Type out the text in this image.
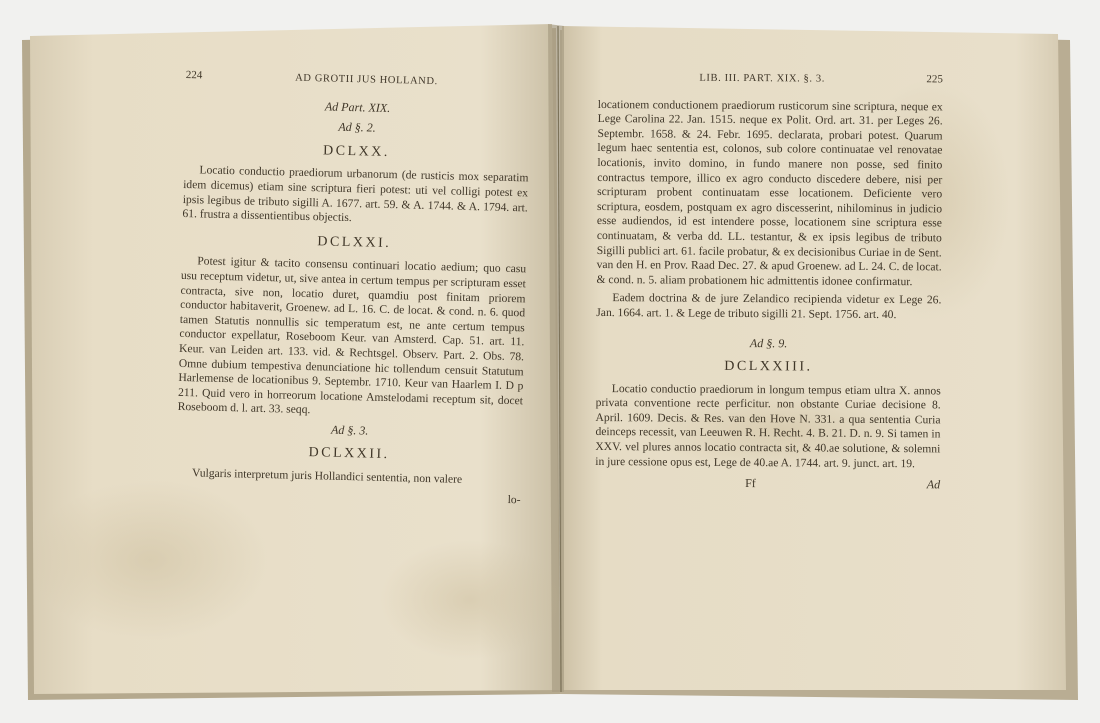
224	AD GROTII JUS HOLLAND.
Ad Part. XIX.
Ad §. 2.
DCLXX.

Locatio conductio praediorum urbanorum (de rusticis mox separatim idem dicemus) etiam sine scriptura fieri potest: uti vel colligi potest ex ipsis legibus de tributo sigilli A. 1677. art. 59. & A. 1744. & A. 1794. art. 61. frustra a dissentientibus objectis.

DCLXXI.

Potest igitur & tacito consensu continuari locatio aedium; quo casu usu receptum videtur, ut, sive antea in certum tempus per scripturam esset contracta, sive non, locatio duret, quamdiu post finitam priorem conductor habitaverit, Groenew. ad L. 16. C. de locat. & cond. n. 6. quod tamen Statutis nonnullis sic temperatum est, ne ante certum tempus conductor expellatur, Roseboom Keur. van Amsterd. Cap. 51. art. 11. Keur. van Leiden art. 133. vid. & Rechtsgel. Observ. Part. 2. Obs. 78. Omne dubium tempestiva denunciatione hic tollendum censuit Statutum Harlemense de locationibus 9. Septembr. 1710. Keur van Haarlem I. D p 211. Quid vero in horreorum locatione Amstelodami receptum sit, docet Roseboom d. l. art. 33. seqq.

Ad §. 3.
DCLXXII.

Vulgaris interpretum juris Hollandici sententia, non valere

lo-
LIB. III. PART. XIX. §. 3.	225

locationem conductionem praediorum rusticorum sine scriptura, neque ex Lege Carolina 22. Jan. 1515. neque ex Polit. Ord. art. 31. per Leges 26. Septembr. 1658. & 24. Febr. 1695. declarata, probari potest. Quarum legum haec sententia est, colonos, sub colore continuatae vel renovatae locationis, invito domino, in fundo manere non posse, sed finito contractus tempore, illico ex agro conducto discedere debere, nisi per scripturam probent continuatam esse locationem. Deficiente vero scriptura, eosdem, postquam ex agro discesserint, nihilominus in judicio esse audiendos, id est intendere posse, locationem sine scriptura esse continuatam, & verba dd. LL. testantur, & ex ipsis legibus de tributo Sigilli publici art. 61. facile probatur, & ex decisionibus Curiae in de Sent. van den H. en Prov. Raad Dec. 27. & apud Groenew. ad L. 24. C. de locat. & cond. n. 5. aliam probationem hic admittentis idonee confirmatur.

Eadem doctrina & de jure Zelandico recipienda videtur ex Lege 26. Jan. 1664. art. 1. & Lege de tributo sigilli 21. Sept. 1756. art. 40.

Ad §. 9.
DCLXXIII.

Locatio conductio praediorum in longum tempus etiam ultra X. annos privata conventione recte perficitur. non obstante Curiae decisione 8. April. 1609. Decis. & Res. van den Hove N. 331. a qua sententia Curia deinceps recessit, van Leeuwen R. H. Recht. 4. B. 21. D. n. 9. Si tamen in XXV. vel plures annos locatio contracta sit, & 40.ae solutione, & solemni in jure cessione opus est, Lege de 40.ae A. 1744. art. 9. junct. art. 19.

Ff	Ad
